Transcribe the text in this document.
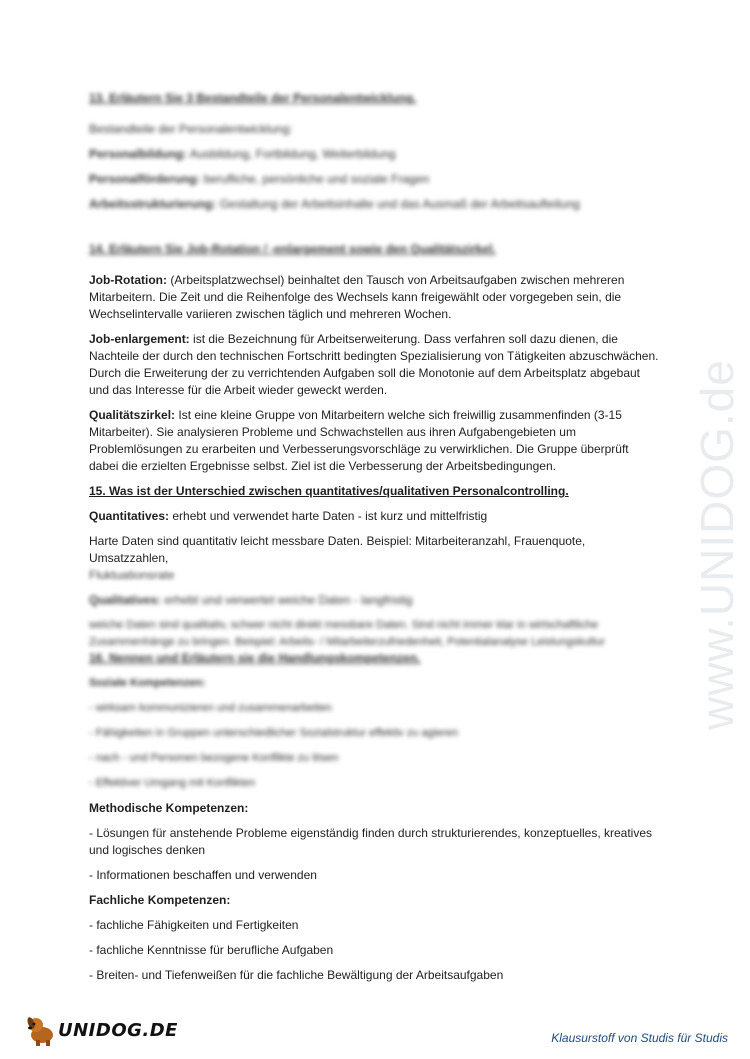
www.UNIDOG.de

13. Erläutern Sie 3 Bestandteile der Personalentwicklung.

Bestandteile der Personalentwicklung:

Personalbildung: Ausbildung, Fortbildung, Weiterbildung

Personalförderung: berufliche, persönliche und soziale Fragen

Arbeitsstrukturierung: Gestaltung der Arbeitsinhalte und das Ausmaß der Arbeitsaufteilung

14. Erläutern Sie Job-Rotation / -enlargement sowie den Qualitätszirkel.

Job-Rotation: (Arbeitsplatzwechsel) beinhaltet den Tausch von Arbeitsaufgaben zwischen mehreren Mitarbeitern. Die Zeit und die Reihenfolge des Wechsels kann freigewählt oder vorgegeben sein, die Wechselintervalle variieren zwischen täglich und mehreren Wochen.

Job-enlargement: ist die Bezeichnung für Arbeitserweiterung. Dass verfahren soll dazu dienen, die Nachteile der durch den technischen Fortschritt bedingten Spezialisierung von Tätigkeiten abzuschwächen. Durch die Erweiterung der zu verrichtenden Aufgaben soll die Monotonie auf dem Arbeitsplatz abgebaut und das Interesse für die Arbeit wieder geweckt werden.

Qualitätszirkel: Ist eine kleine Gruppe von Mitarbeitern welche sich freiwillig zusammenfinden (3-15 Mitarbeiter). Sie analysieren Probleme und Schwachstellen aus ihren Aufgabengebieten um Problemlösungen zu erarbeiten und Verbesserungsvorschläge zu verwirklichen. Die Gruppe überprüft dabei die erzielten Ergebnisse selbst. Ziel ist die Verbesserung der Arbeitsbedingungen.

15. Was ist der Unterschied zwischen quantitatives/qualitativen Personalcontrolling.

Quantitatives: erhebt und verwendet harte Daten - ist kurz und mittelfristig

Harte Daten sind quantitativ leicht messbare Daten. Beispiel: Mitarbeiteranzahl, Frauenquote, Umsatzzahlen,

Fluktuationsrate

Qualitatives: erhebt und verwertet weiche Daten - langfristig

weiche Daten sind qualitativ, schwer nicht direkt messbare Daten. Sind nicht immer klar in wirtschaftliche Zusammenhänge zu bringen. Beispiel: Arbeits- / Mitarbeiterzufriedenheit, Potentialanalyse Leistungskultur

16. Nennen und Erläutern sie die Handlungskompetenzen.

Soziale Kompetenzen:

- wirksam kommunizieren und zusammenarbeiten

- Fähigkeiten in Gruppen unterschiedlicher Sozialstruktur effektiv zu agieren

- nach - und Personen bezogene Konflikte zu lösen

- Effektiver Umgang mit Konflikten

Methodische Kompetenzen:

- Lösungen für anstehende Probleme eigenständig finden durch strukturierendes, konzeptuelles, kreatives und logisches denken

- Informationen beschaffen und verwenden

Fachliche Kompetenzen:

- fachliche Fähigkeiten und Fertigkeiten

- fachliche Kenntnisse für berufliche Aufgaben

- Breiten- und Tiefenweißen für die fachliche Bewältigung der Arbeitsaufgaben

UNIDOG.DE	Klausurstoff von Studis für Studis
